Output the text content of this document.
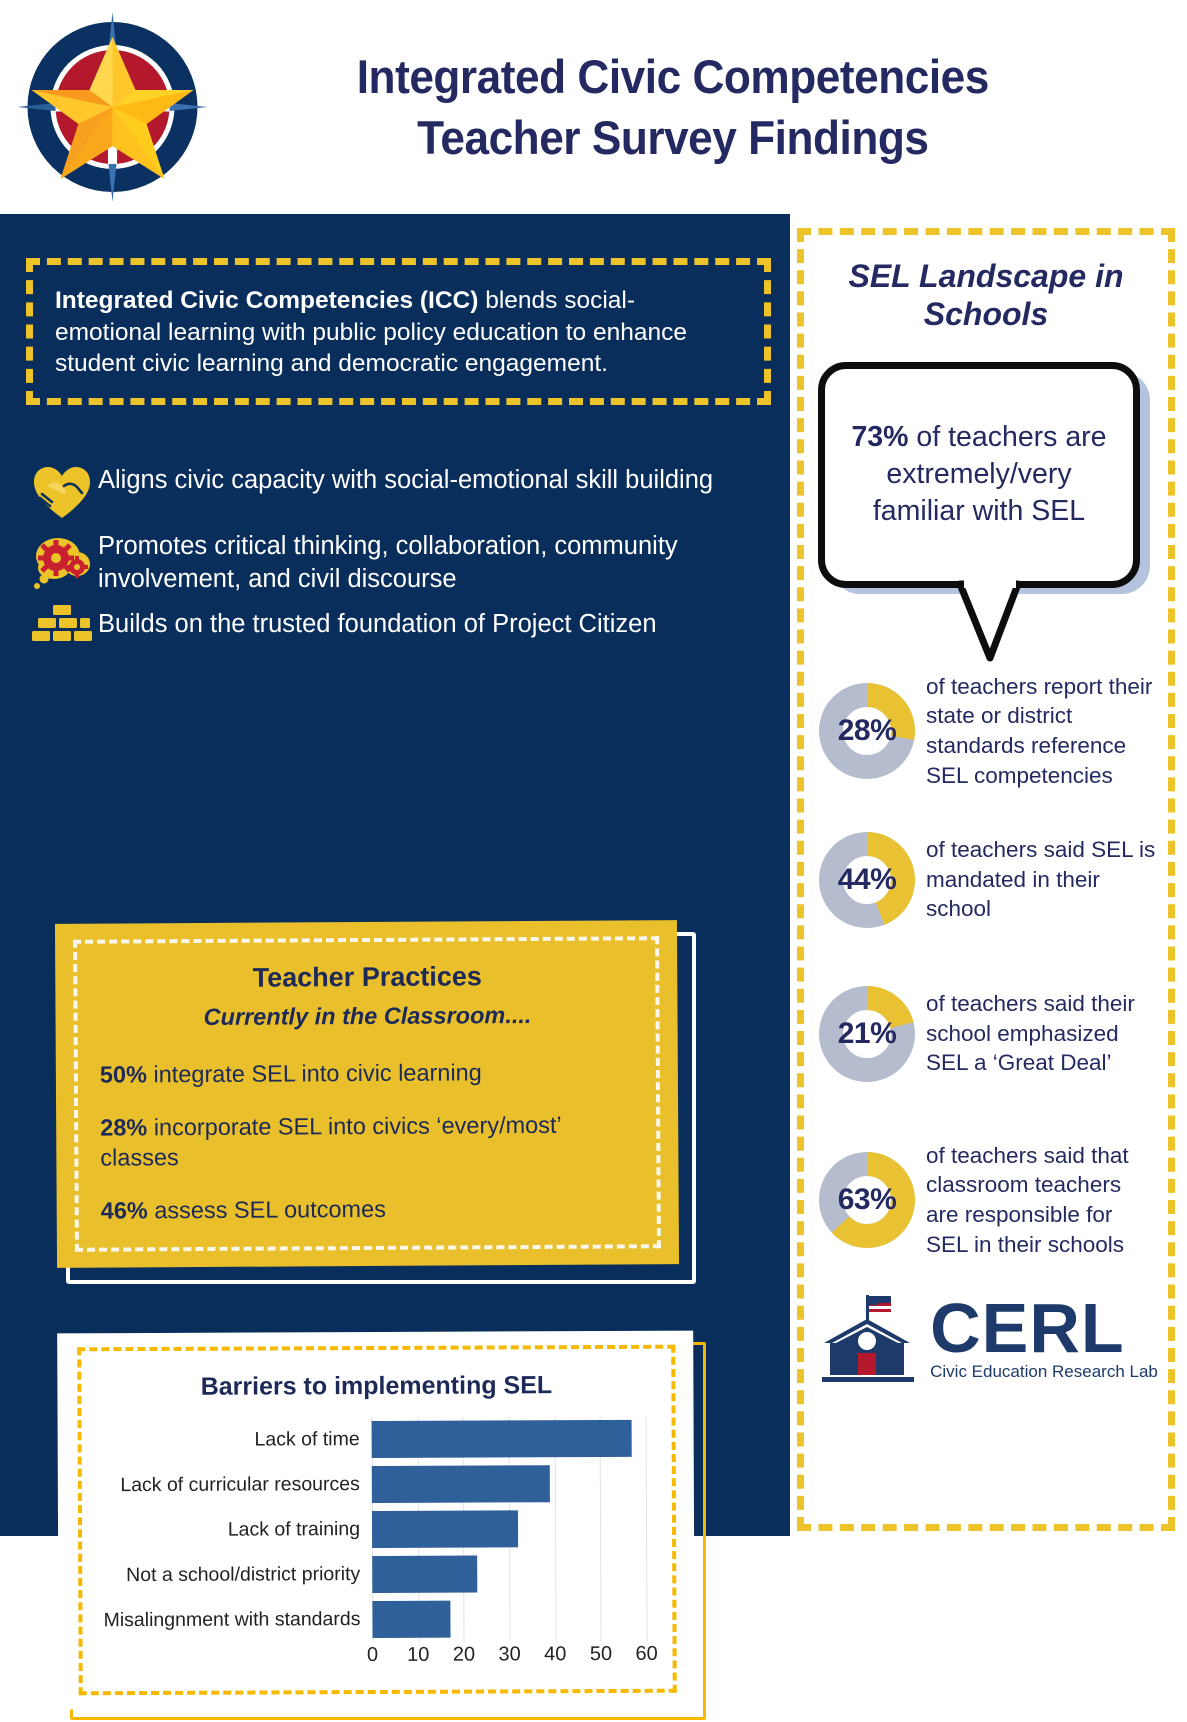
Integrated Civic Competencies
Teacher Survey Findings
Integrated Civic Competencies (ICC) blends social-emotional learning with public policy education to enhance student civic learning and democratic engagement.
Aligns civic capacity with social-emotional skill building
Promotes critical thinking, collaboration, community involvement, and civil discourse
Builds on the trusted foundation of Project Citizen
Teacher Practices
Currently in the Classroom....
50% integrate SEL into civic learning
28% incorporate SEL into civics ‘every/most’ classes
46% assess SEL outcomes
Barriers to implementing SEL
Lack of time
Lack of curricular resources
Lack of training
Not a school/district priority
Misalingnment with standards
0 10 20 30 40 50 60
SEL Landscape in Schools
73% of teachers are extremely/very familiar with SEL
28%
of teachers report their state or district standards reference SEL competencies
44%
of teachers said SEL is mandated in their school
21%
of teachers said their school emphasized SEL a ‘Great Deal’
63%
of teachers said that classroom teachers are responsible for SEL in their schools
CERL
Civic Education Research Lab
